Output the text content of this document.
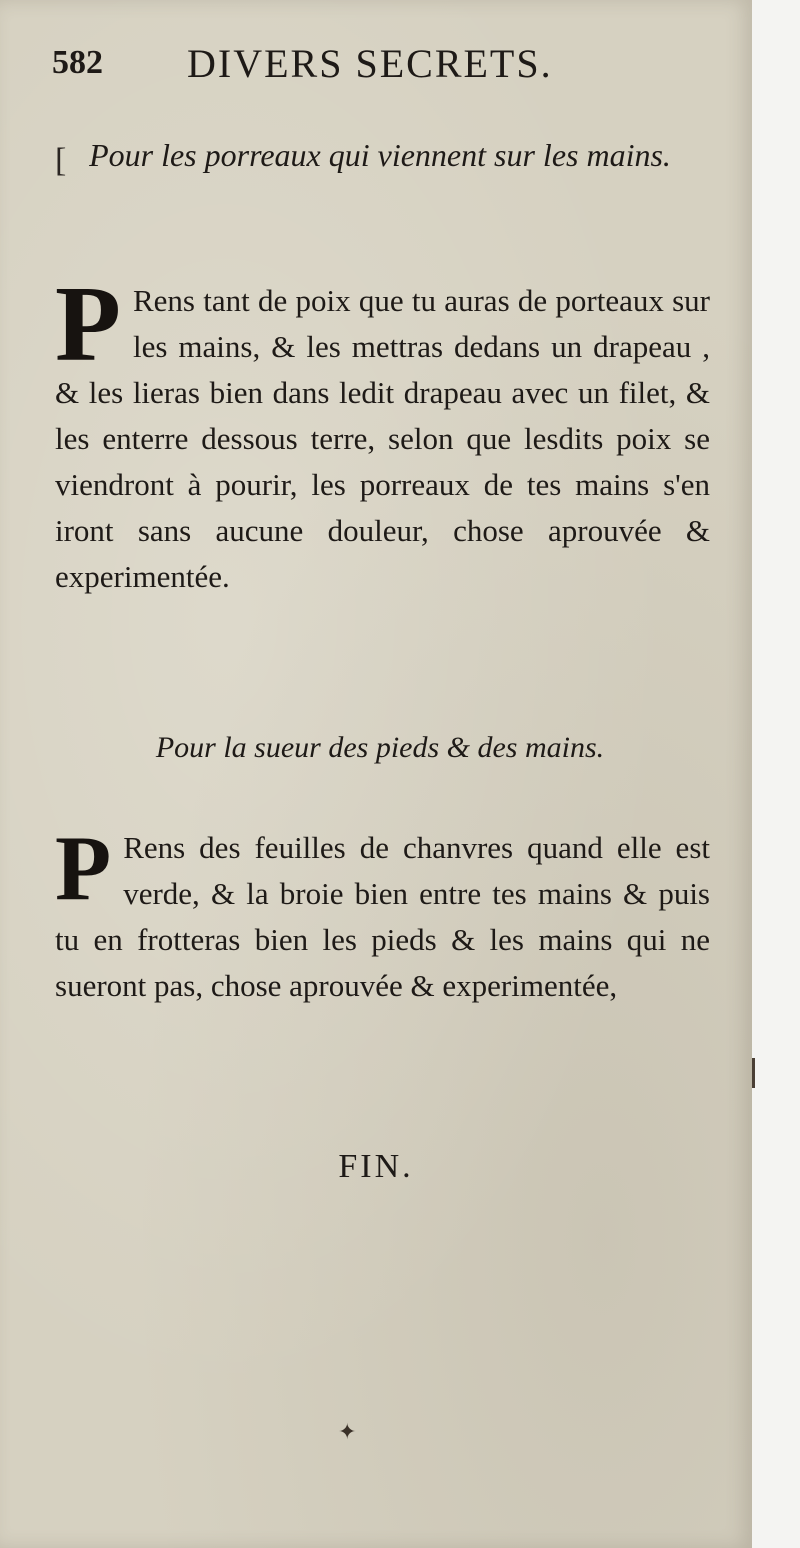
582 DIVERS SECRETS.
[ Pour les porreaux qui viennent sur les mains.
P Rens tant de poix que tu auras de porteaux sur les mains, & les mettras dedans un drapeau , & les lieras bien dans ledit drapeau avec un filet, & les enterre dessous terre, selon que lesdits poix se viendront à pourir, les porreaux de tes mains s'en iront sans aucune douleur, chose aprouvée & experimentée.
Pour la sueur des pieds & des mains.
P Rens des feuilles de chanvres quand elle est verde, & la broie bien entre tes mains & puis tu en frotteras bien les pieds & les mains qui ne sueront pas, chose aprouvée & experimentée,
FIN.
✦
